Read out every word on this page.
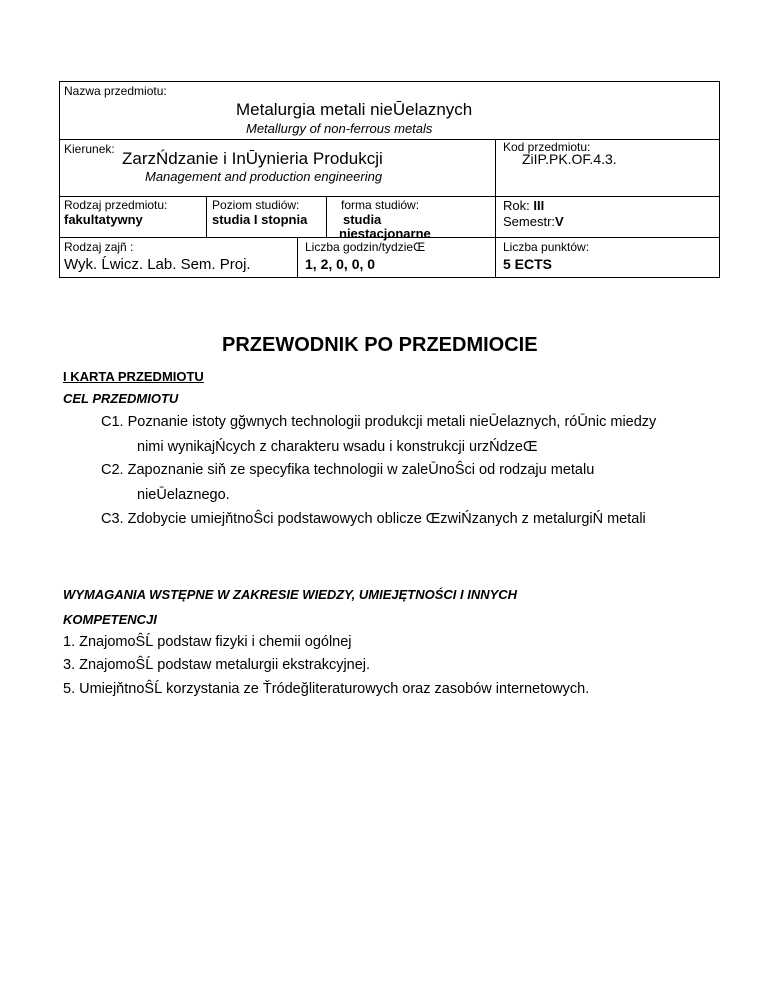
Nazwa przedmiotu:
Metalurgia metali nieŪelaznych
Metallurgy of non-ferrous metals
Kierunek: ZarzŃdzanie i InŪynieria Produkcji
Management and production engineering
Kod przedmiotu:
ZiIP.PK.OF.4.3.
Rodzaj przedmiotu:
fakultatywny
Poziom studiów:
studia I stopnia
forma studiów:
studia
niestacjonarne
Rok: III
Semestr:V
Rodzaj zajñ :
Wyk. Ĺwicz. Lab. Sem. Proj.
Liczba godzin/tydzieŒ
1, 2, 0, 0, 0
Liczba punktów:
5 ECTS
PRZEWODNIK PO PRZEDMIOCIE
I KARTA PRZEDMIOTU
CEL PRZEDMIOTU
C1. Poznanie istoty gğwnych technologii produkcji metali nieŪelaznych, róŪnic miedzy
nimi wynikajŃcych z charakteru wsadu i konstrukcji urzŃdzeŒ
C2. Zapoznanie siň ze specyfika technologii w zaleŪnoŜci od rodzaju metalu
nieŪelaznego.
C3. Zdobycie umiejňtnoŜci podstawowych oblicze ŒzwiŃzanych z metalurgiŃ metali
WYMAGANIA WSTĘPNE W ZAKRESIE WIEDZY, UMIEJĘTNOŚCI I INNYCH
KOMPETENCJI
1. ZnajomoŜĹ podstaw fizyki i chemii ogólnej
3. ZnajomoŜĹ podstaw metalurgii ekstrakcyjnej.
5. UmiejňtnoŜĹ korzystania ze Ťródeğliteraturowych oraz zasobów internetowych.
